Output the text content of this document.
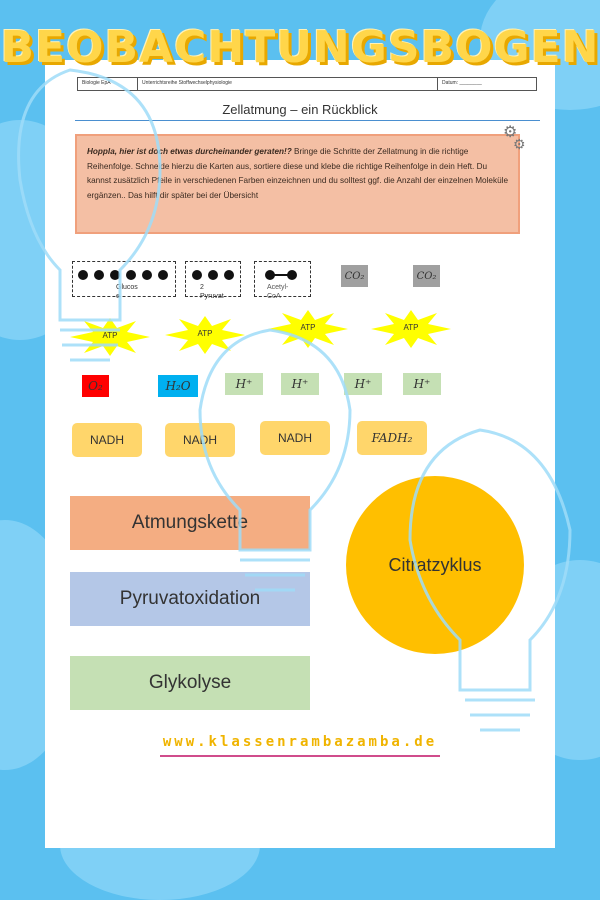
Biologie EpA	Unterrichtsreihe Stoffwechselphysiologie	Datum: ________
Zellatmung – ein Rückblick
Hoppla, hier ist doch etwas durcheinander geraten!? Bringe die Schritte der Zellatmung in die richtige Reihenfolge. Schneide hierzu die Karten aus, sortiere diese und klebe die richtige Reihenfolge in dein Heft. Du kannst zusätzlich Pfeile in verschiedenen Farben einzeichnen und du solltest ggf. die Anzahl der einzelnen Moleküle ergänzen.. Das hilft dir später bei der Übersicht
⚙
⚙
Glucos
e
2
Pyruvat
Acetyl-
CoA
CO₂	CO₂
ATP	ATP
ATP	ATP
O₂	H₂O	H⁺	H⁺	H⁺	H⁺
NADH	NADH	NADH	FADH₂
Atmungskette
Pyruvatoxidation
Glykolyse
Citratzyklus
BEOBACHTUNGSBOGEN
www.klassenrambazamba.de
